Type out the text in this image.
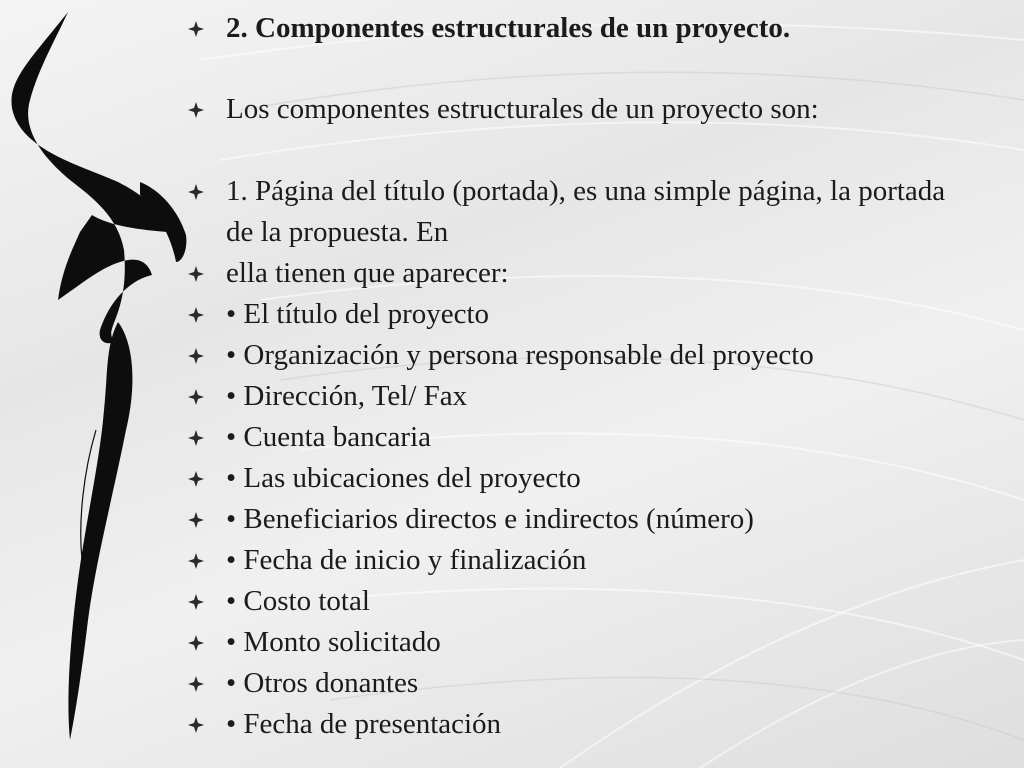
2. Componentes estructurales de un proyecto.
Los componentes estructurales de un proyecto son:
1. Página del título (portada), es una simple página, la portada de la propuesta. En
ella tienen que aparecer:
• El título del proyecto
• Organización y persona responsable del proyecto
• Dirección, Tel/ Fax
• Cuenta bancaria
• Las ubicaciones del proyecto
• Beneficiarios directos e indirectos (número)
• Fecha de inicio y finalización
• Costo total
• Monto solicitado
• Otros donantes
• Fecha de presentación
